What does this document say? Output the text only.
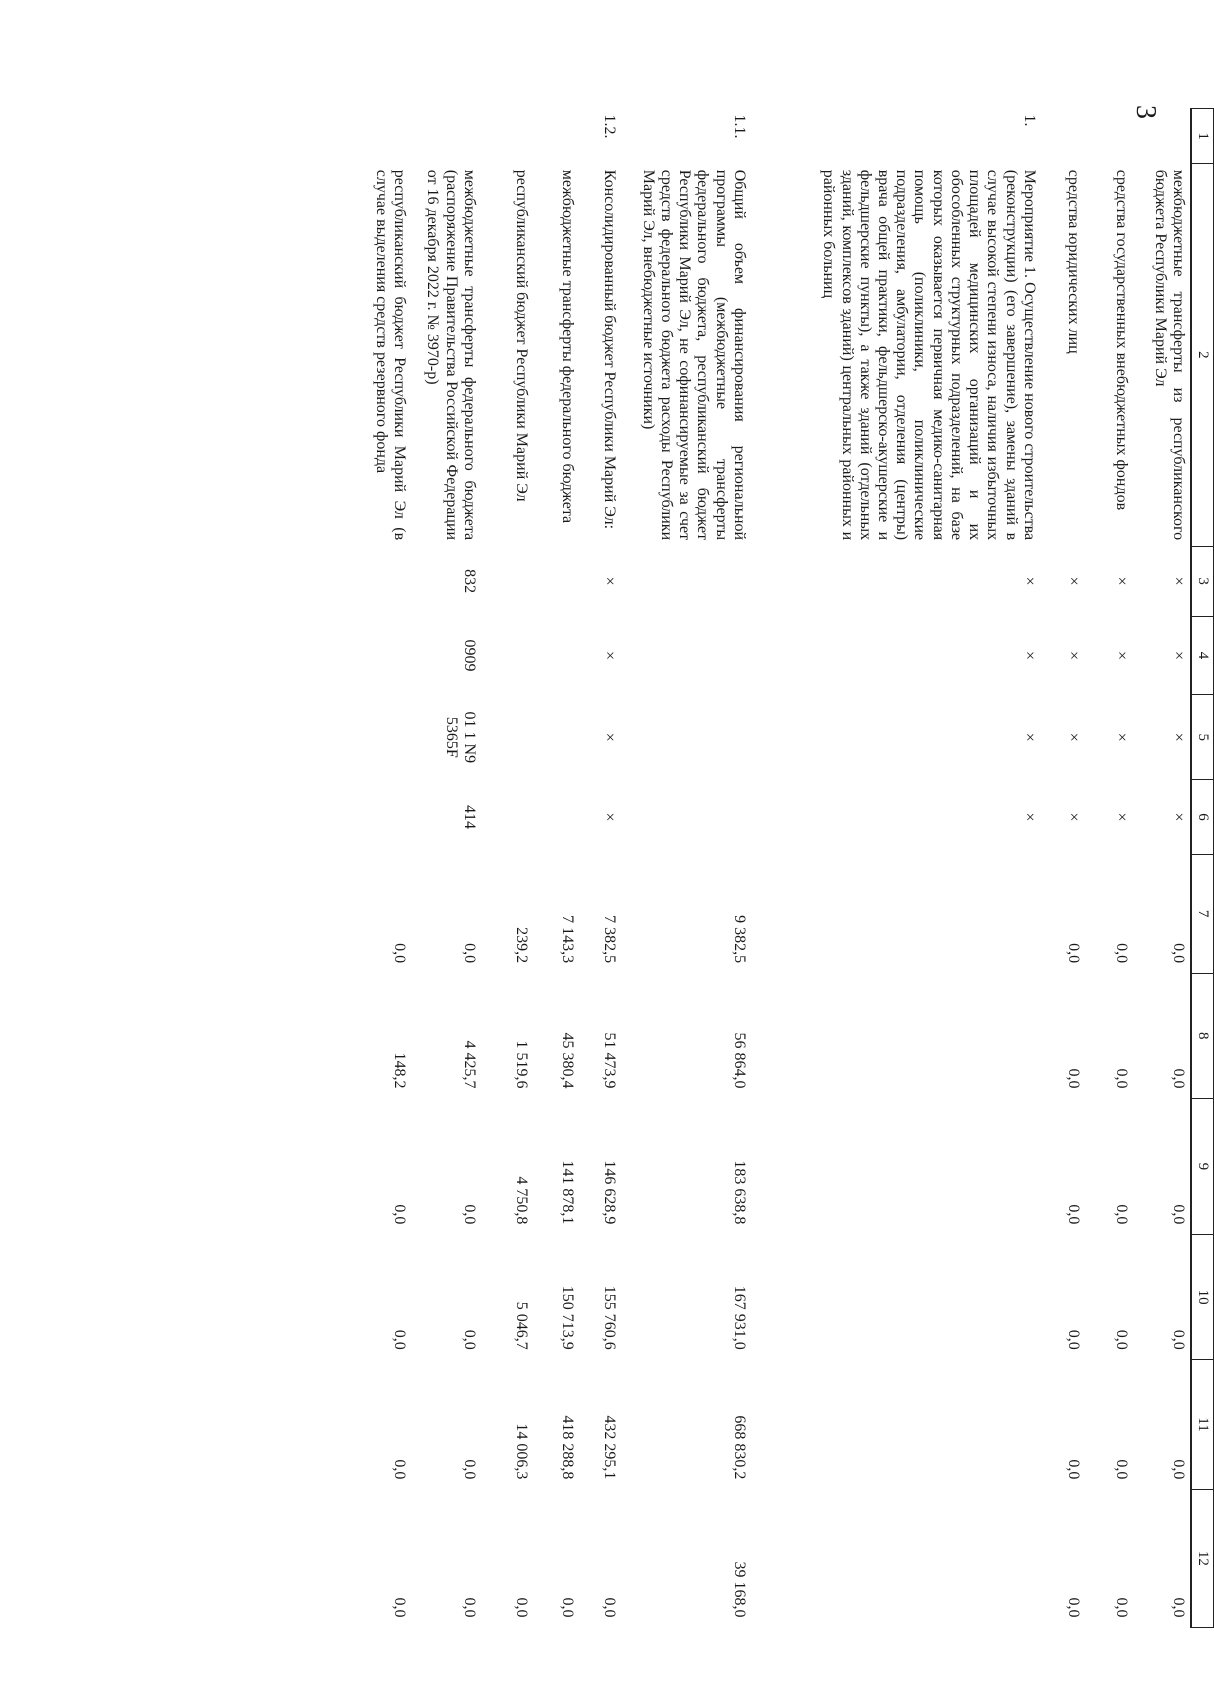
3
1	2	3	4	5	6	7	8	9	10	11	12
	межбюджетные трансферты из республиканского бюджета Республики Марий Эл	×	×	×	×	0,0	0,0	0,0	0,0	0,0	0,0
	средства государственных внебюджетных фондов	×	×	×	×	0,0	0,0	0,0	0,0	0,0	0,0
	средства юридических лиц	×	×	×	×	0,0	0,0	0,0	0,0	0,0	0,0
1.	Мероприятие 1. Осуществление нового строительства (реконструкции) (его завершение), замены зданий в случае высокой степени износа, наличия избыточных площадей медицинских организаций и их обособленных структурных подразделений, на базе которых оказывается первичная медико-санитарная помощь (поликлиники, поликлинические подразделения, амбулатории, отделения (центры) врача общей практики, фельдшерско-акушерские и фельдшерские пункты), а также зданий (отдельных зданий, комплексов зданий) центральных районных и районных больниц	×	×	×	×						
1.1.	Общий объем финансирования региональной программы (межбюджетные трансферты федерального бюджета, республиканский бюджет Республики Марий Эл, не софинансируемые за счет средств федерального бюджета расходы Республики Марий Эл, внебюджетные источники)					9 382,5	56 864,0	183 638,8	167 931,0	668 830,2	39 168,0
1.2.	Консолидированный бюджет Республики Марий Эл:	×	×	×	×	7 382,5	51 473,9	146 628,9	155 760,6	432 295,1	0,0
	межбюджетные трансферты федерального бюджета					7 143,3	45 380,4	141 878,1	150 713,9	418 288,8	0,0
	республиканский бюджет Республики Марий Эл					239,2	1 519,6	4 750,8	5 046,7	14 006,3	0,0
	межбюджетные трансферты федерального бюджета (распоряжение Правительства Российской Федерации от 16 декабря 2022 г. № 3970-р)	832	0909	01 1 N9 5365F	414	0,0	4 425,7	0,0	0,0	0,0	0,0
	республиканский бюджет Республики Марий Эл (в случае выделения средств резервного фонда					0,0	148,2	0,0	0,0	0,0	0,0
